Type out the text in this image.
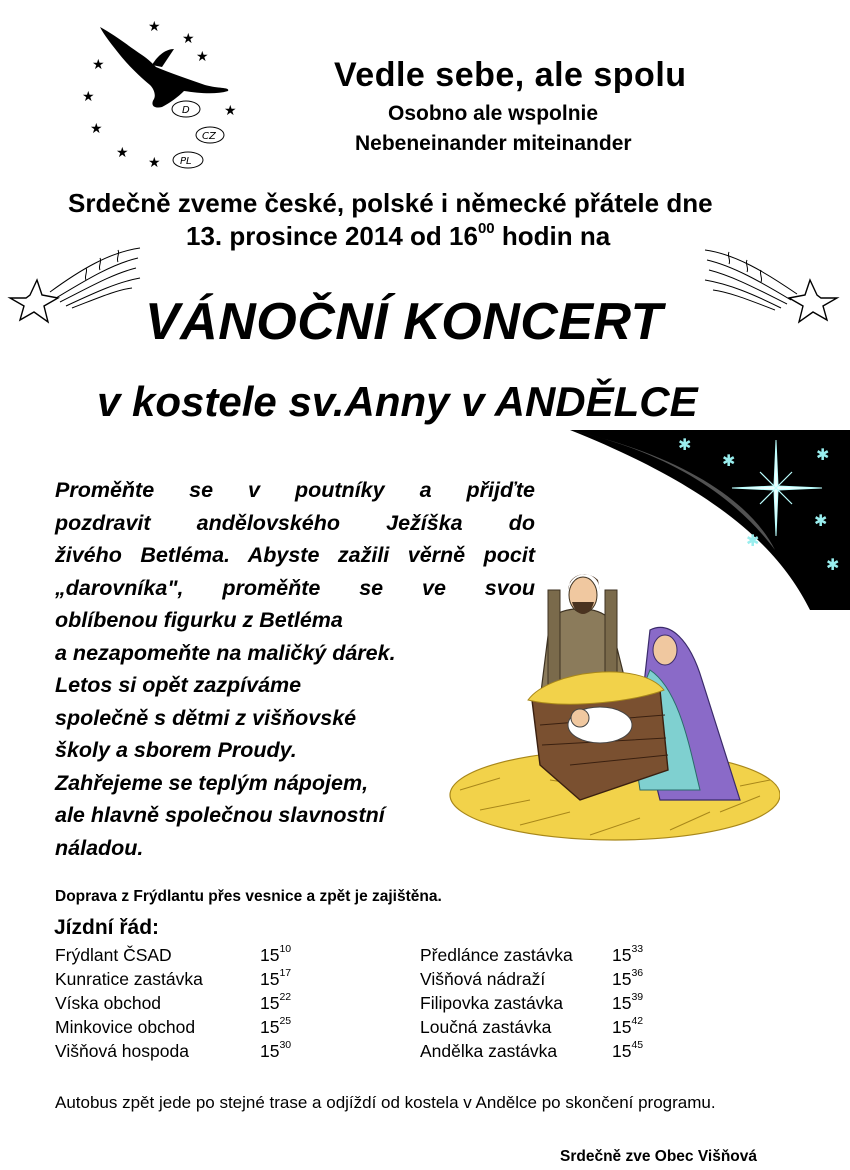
★
★
★
★
★
★
★
★
★
D
CZ
PL
Vedle sebe, ale spolu
Osobno ale wspolnie
Nebeneinander miteinander
Srdečně zveme české, polské i německé přátele dne
13. prosince 2014 od $16^{00}$ hodin na
VÁNOČNÍ KONCERT
v kostele sv.Anny v ANDĚLCE
✱
✱	✱
✱
✱
✱
Proměňte se v poutníky a přijďte
pozdravit andělovského Ježíška do
živého Betléma. Abyste zažili věrně pocit
„darovníka", proměňte se ve svou
oblíbenou figurku z Betléma
a nezapomeňte na maličký dárek.
Letos si opět zazpíváme
společně s dětmi z višňovské
školy a sborem Proudy.
Zahřejeme se teplým nápojem,
ale hlavně společnou slavnostní
náladou.
Doprava z Frýdlantu přes vesnice a zpět je zajištěna.
Jízdní řád:
Frýdlant ČSAD	$15^{10}$
Kunratice zastávka	$15^{17}$
Víska obchod	$15^{22}$
Minkovice obchod	$15^{25}$
Višňová hospoda	$15^{30}$
Předlánce zastávka $15^{33}$
Višňová nádraží	$15^{36}$
Filipovka zastávka	$15^{39}$
Loučná zastávka	$15^{42}$
Andělka zastávka	$15^{45}$
Autobus zpět jede po stejné trase a odjíždí od kostela v Andělce po skončení programu.
Srdečně zve Obec Višňová
